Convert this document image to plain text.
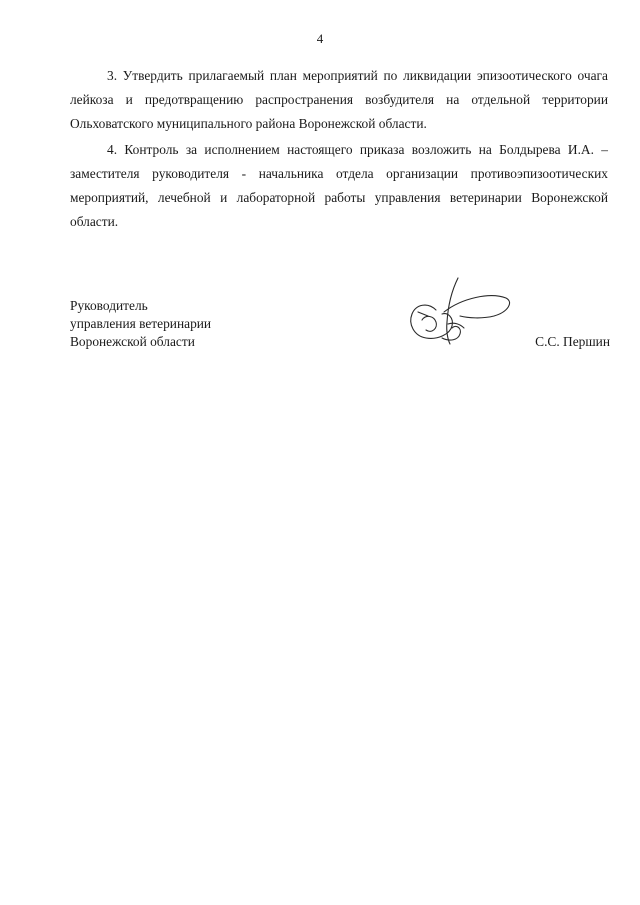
4

3. Утвердить прилагаемый план мероприятий по ликвидации эпизоотического очага лейкоза и предотвращению распространения возбудителя на отдельной территории Ольховатского муниципального района Воронежской области.

4. Контроль за исполнением настоящего приказа возложить на Болдырева И.А. – заместителя руководителя - начальника отдела организации противоэпизоотических мероприятий, лечебной и лабораторной работы управления ветеринарии Воронежской области.

Руководитель
управления ветеринарии
Воронежской области	С.С. Першин
